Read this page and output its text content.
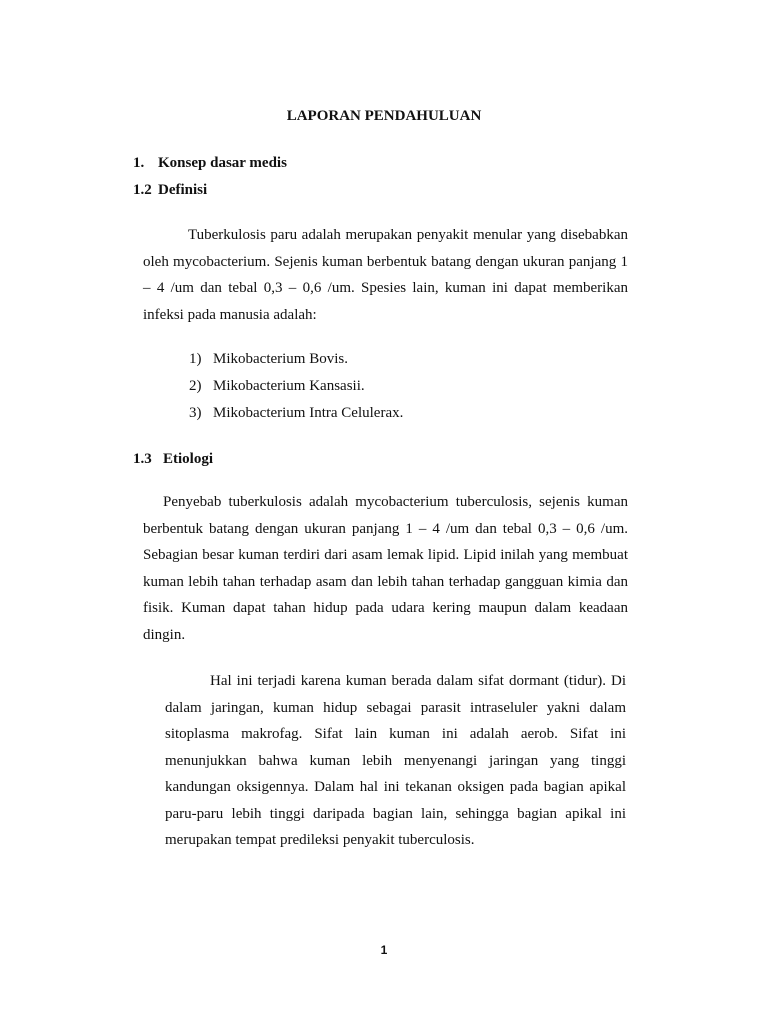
LAPORAN PENDAHULUAN
1. Konsep dasar medis
1.2 Definisi

Tuberkulosis paru adalah merupakan penyakit menular yang disebabkan oleh mycobacterium. Sejenis kuman berbentuk batang dengan ukuran panjang 1 – 4 /um dan tebal 0,3 – 0,6 /um. Spesies lain, kuman ini dapat memberikan infeksi pada manusia adalah:

1) Mikobacterium Bovis.
2) Mikobacterium Kansasii.
3) Mikobacterium Intra Celulerax.
1.3 Etiologi

Penyebab tuberkulosis adalah mycobacterium tuberculosis, sejenis kuman berbentuk batang dengan ukuran panjang 1 – 4 /um dan tebal 0,3 – 0,6 /um. Sebagian besar kuman terdiri dari asam lemak lipid. Lipid inilah yang membuat kuman lebih tahan terhadap asam dan lebih tahan terhadap gangguan kimia dan fisik. Kuman dapat tahan hidup pada udara kering maupun dalam keadaan dingin.

Hal ini terjadi karena kuman berada dalam sifat dormant (tidur). Di dalam jaringan, kuman hidup sebagai parasit intraseluler yakni dalam sitoplasma makrofag. Sifat lain kuman ini adalah aerob. Sifat ini menunjukkan bahwa kuman lebih menyenangi jaringan yang tinggi kandungan oksigennya. Dalam hal ini tekanan oksigen pada bagian apikal paru-paru lebih tinggi daripada bagian lain, sehingga bagian apikal ini merupakan tempat predileksi penyakit tuberculosis.

1
